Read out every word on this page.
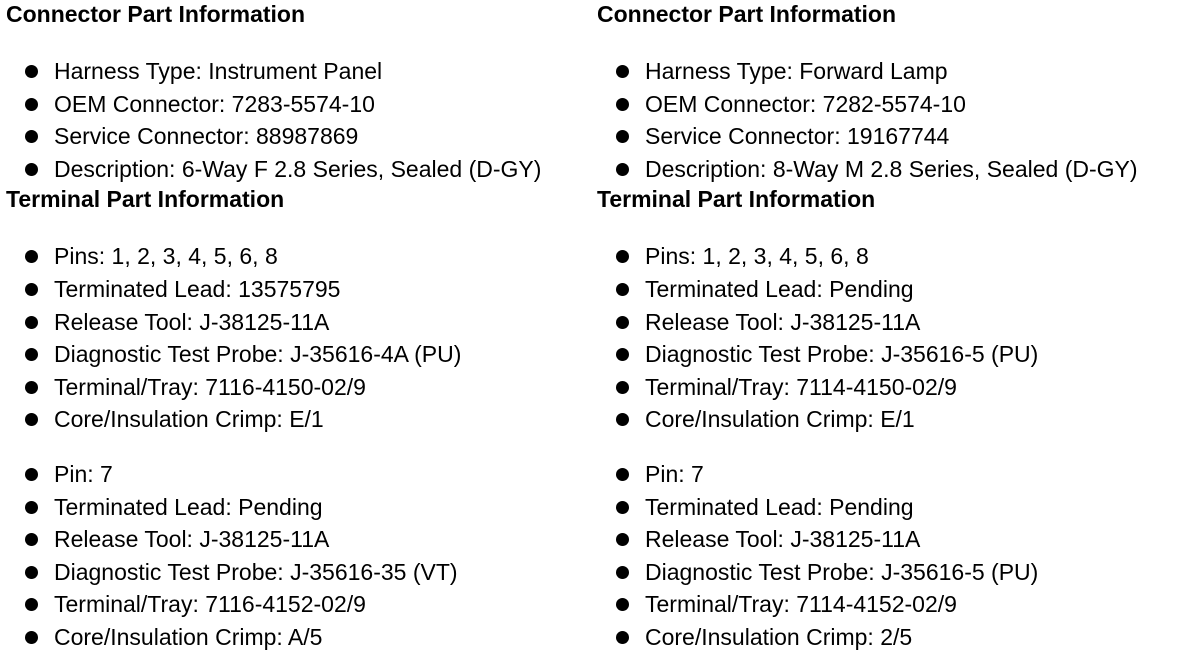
Connector Part Information
Harness Type: Instrument Panel
OEM Connector: 7283-5574-10
Service Connector: 88987869
Description: 6-Way F 2.8 Series, Sealed (D-GY)
Terminal Part Information
Pins: 1, 2, 3, 4, 5, 6, 8
Terminated Lead: 13575795
Release Tool: J-38125-11A
Diagnostic Test Probe: J-35616-4A (PU)
Terminal/Tray: 7116-4150-02/9
Core/Insulation Crimp: E/1
Pin: 7
Terminated Lead: Pending
Release Tool: J-38125-11A
Diagnostic Test Probe: J-35616-35 (VT)
Terminal/Tray: 7116-4152-02/9
Core/Insulation Crimp: A/5
Connector Part Information
Harness Type: Forward Lamp
OEM Connector: 7282-5574-10
Service Connector: 19167744
Description: 8-Way M 2.8 Series, Sealed (D-GY)
Terminal Part Information
Pins: 1, 2, 3, 4, 5, 6, 8
Terminated Lead: Pending
Release Tool: J-38125-11A
Diagnostic Test Probe: J-35616-5 (PU)
Terminal/Tray: 7114-4150-02/9
Core/Insulation Crimp: E/1
Pin: 7
Terminated Lead: Pending
Release Tool: J-38125-11A
Diagnostic Test Probe: J-35616-5 (PU)
Terminal/Tray: 7114-4152-02/9
Core/Insulation Crimp: 2/5
